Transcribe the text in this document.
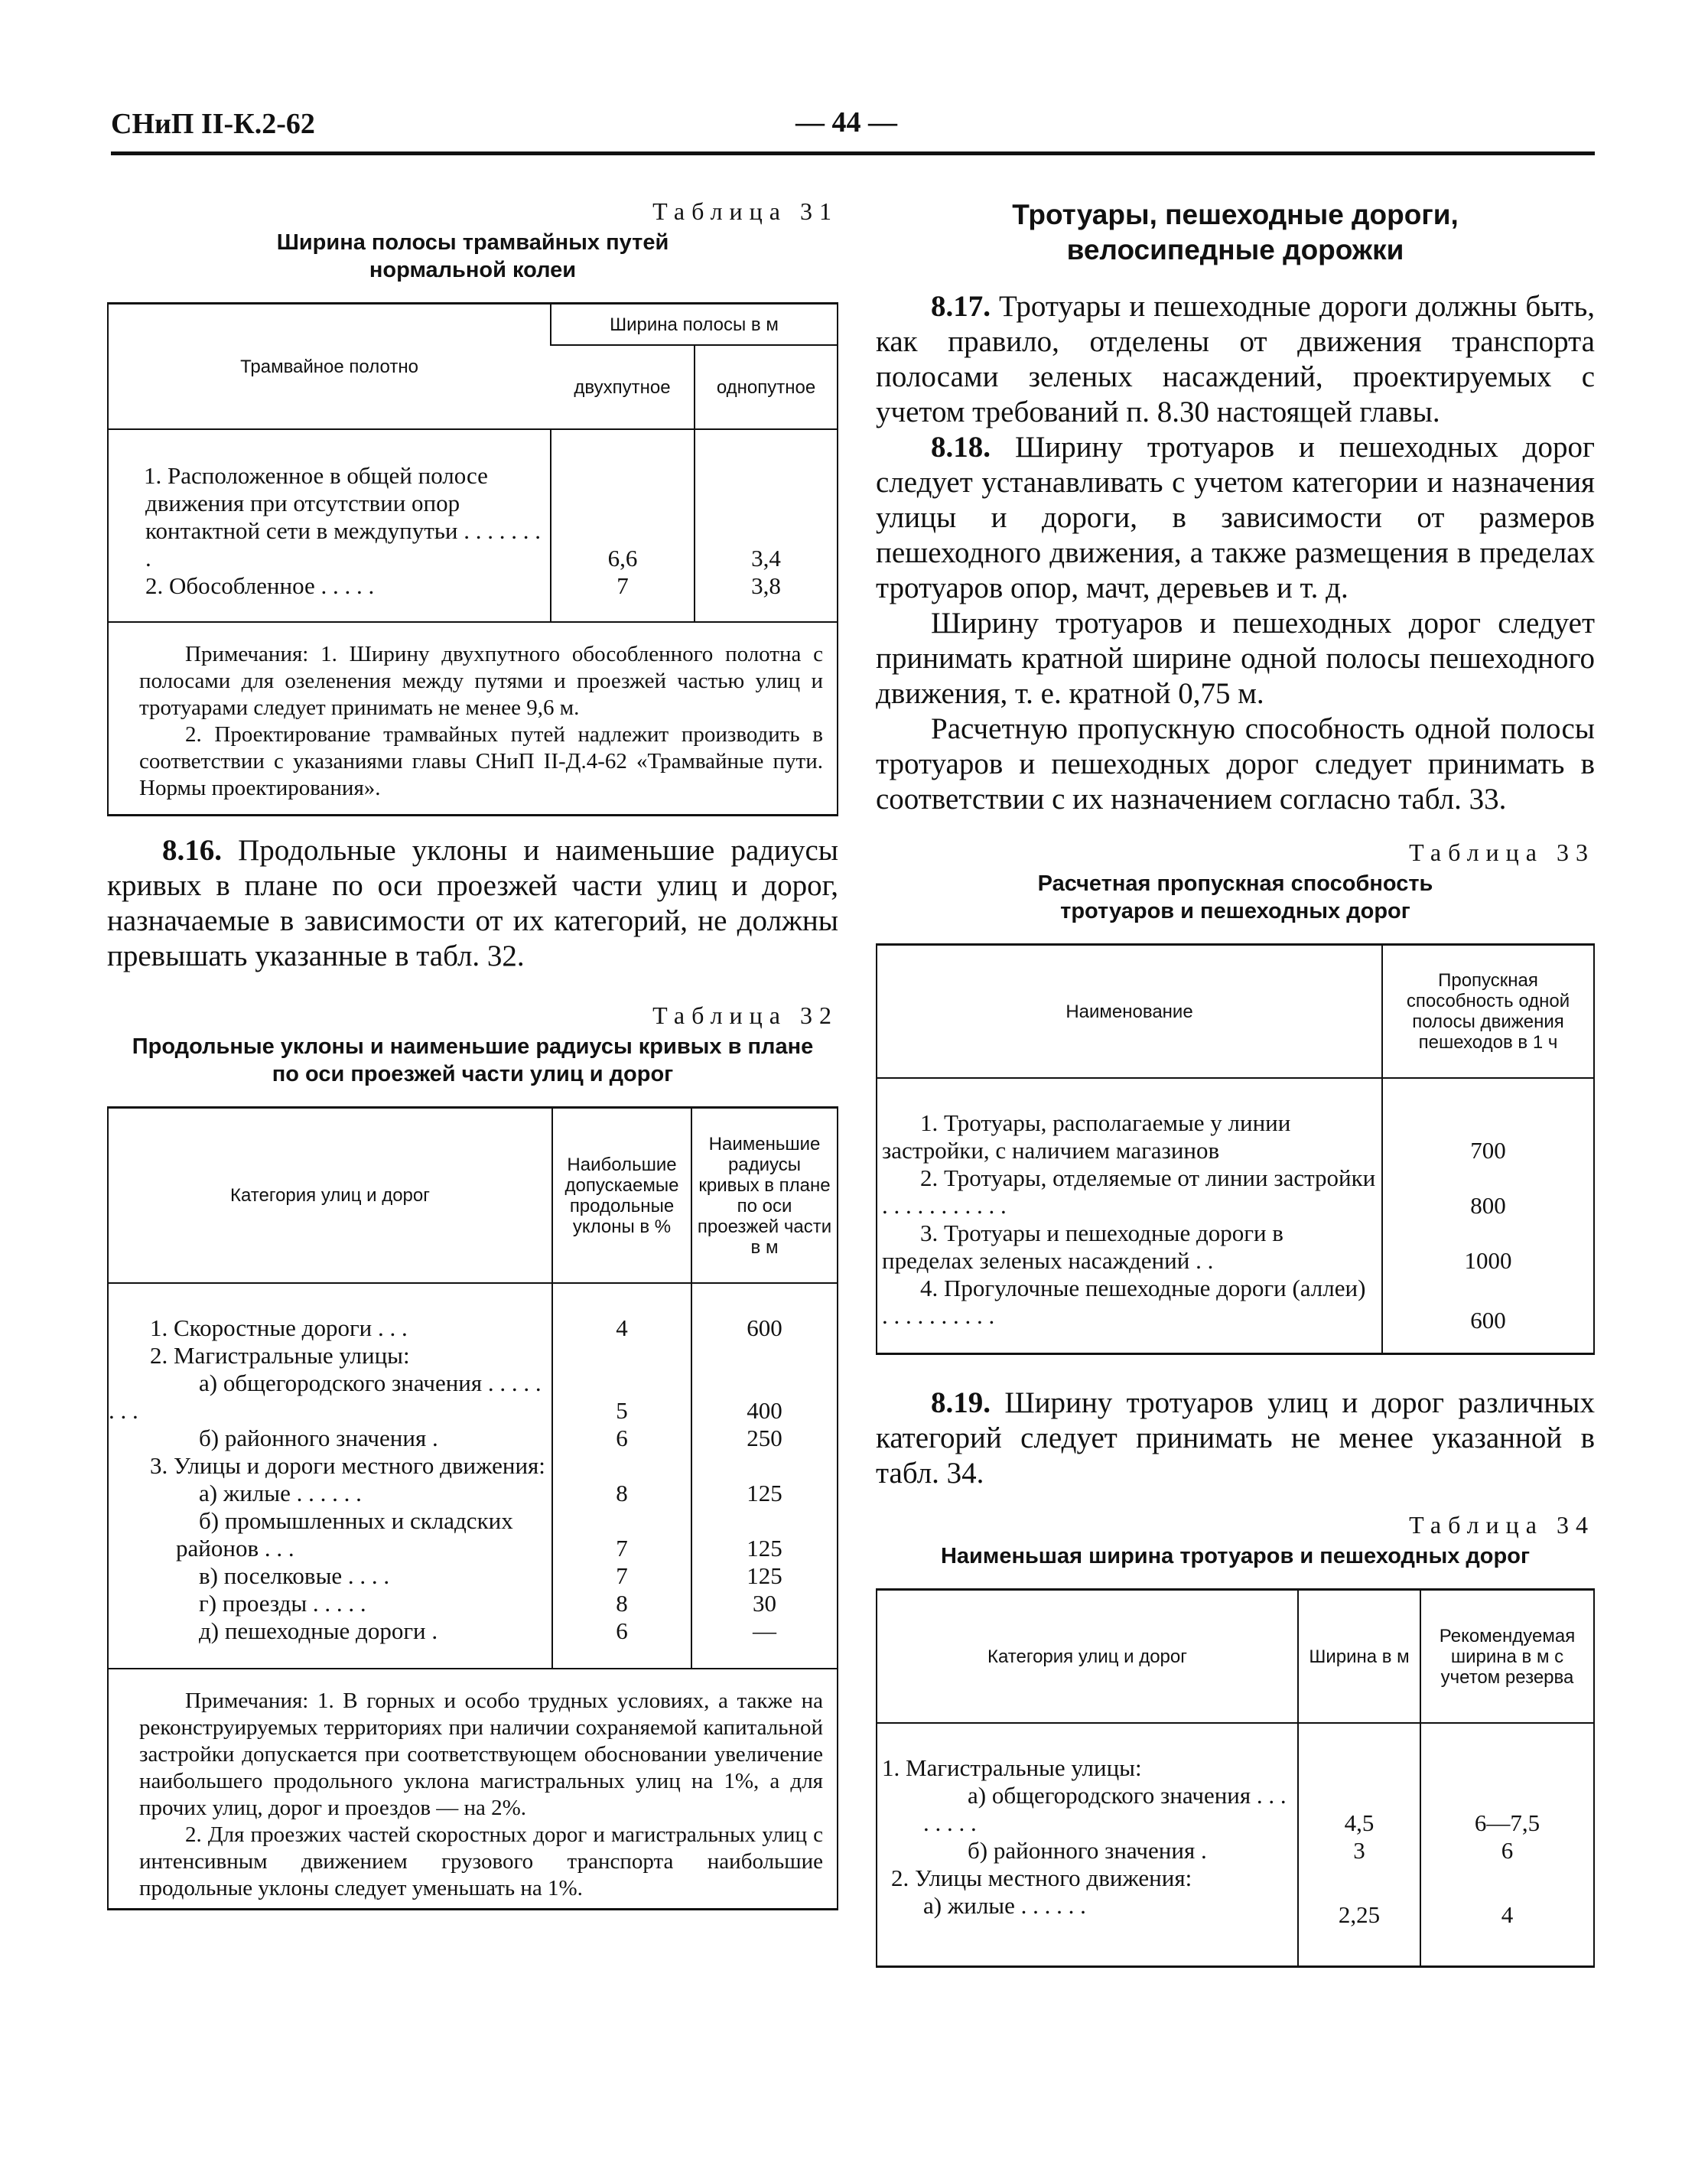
СНиП II-К.2-62	— 44 —
Таблица 31
Ширина полосы трамвайных путей нормальной колеи
Трамвайное полотно	Ширина полосы в м	
	двухпутное	однопутное
1. Расположенное в общей полосе движения при отсутствии опор контактной сети в междупутьи . . . . . . . .	6,6	3,4
2. Обособленное . . . . .	7	3,8

Примечания: 1. Ширину двухпутного обособленного полотна с полосами для озеленения между путями и проезжей частью улиц и тротуарами следует принимать не менее 9,6 м.
2. Проектирование трамвайных путей надлежит производить в соответствии с указаниями главы СНиП II-Д.4-62 «Трамвайные пути. Нормы проектирования».		
8.16. Продольные уклоны и наименьшие радиусы кривых в плане по оси проезжей части улиц и дорог, назначаемые в зависимости от их категорий, не должны превышать указанные в табл. 32.
Таблица 32
Продольные уклоны и наименьшие радиусы кривых в плане по оси проезжей части улиц и дорог
Категория улиц и дорог	Наибольшие допускаемые продольные уклоны в %	Наименьшие радиусы кривых в плане по оси проезжей части в м
1. Скоростные дороги . . .	4	600
2. Магистральные улицы:		
а) общегородского значения . . . . . . . .	5	400
б) районного значения .	6	250
3. Улицы и дороги местного движения:		
а) жилые . . . . . .	8	125
б) промышленных и складских районов . . .	7	125
в) поселковые . . . .	7	125
г) проезды . . . . .	8	30
д) пешеходные дороги .	6	—

Примечания: 1. В горных и особо трудных условиях, а также на реконструируемых территориях при наличии сохраняемой капитальной застройки допускается при соответствующем обосновании увеличение наибольшего продольного уклона магистральных улиц на 1%, а для прочих улиц, дорог и проездов — на 2%.
2. Для проезжих частей скоростных дорог и магистральных улиц с интенсивным движением грузового транспорта наибольшие продольные уклоны следует уменьшать на 1%.		
Тротуары, пешеходные дороги, велосипедные дорожки
8.17. Тротуары и пешеходные дороги должны быть, как правило, отделены от движения транспорта полосами зеленых насаждений, проектируемых с учетом требований п. 8.30 настоящей главы.
8.18. Ширину тротуаров и пешеходных дорог следует устанавливать с учетом категории и назначения улицы и дороги, в зависимости от размеров пешеходного движения, а также размещения в пределах тротуаров опор, мачт, деревьев и т. д.
Ширину тротуаров и пешеходных дорог следует принимать кратной ширине одной полосы пешеходного движения, т. е. кратной 0,75 м.
Расчетную пропускную способность одной полосы тротуаров и пешеходных дорог следует принимать в соответствии с их назначением согласно табл. 33.
Таблица 33
Расчетная пропускная способность тротуаров и пешеходных дорог
Наименование	Пропускная способность одной полосы движения пешеходов в 1 ч
1. Тротуары, располагаемые у линии застройки, с наличием магазинов	700
2. Тротуары, отделяемые от линии застройки . . . . . . . . . . .	800
3. Тротуары и пешеходные дороги в пределах зеленых насаждений . .	1000
4. Прогулочные пешеходные дороги (аллеи) . . . . . . . . . .	600
8.19. Ширину тротуаров улиц и дорог различных категорий следует принимать не менее указанной в табл. 34.
Таблица 34
Наименьшая ширина тротуаров и пешеходных дорог
Категория улиц и дорог	Ширина в м	Рекомендуемая ширина в м с учетом резерва
1. Магистральные улицы:		
а) общегородского значения . . . . . . . .	4,5	6—7,5
б) районного значения .	3	6
2. Улицы местного движения:		
а) жилые . . . . . .	2,25	4
